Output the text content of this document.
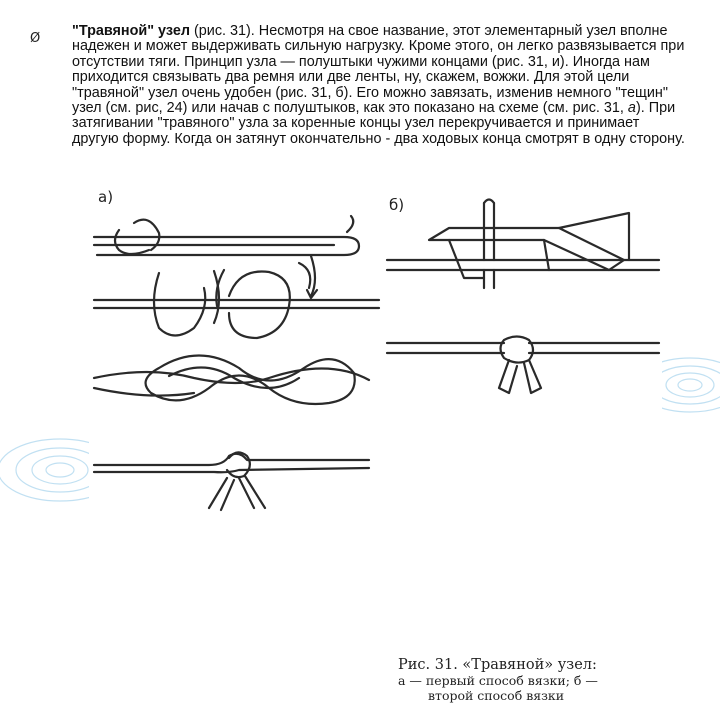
Ø "Травяной" узел (рис. 31). Несмотря на свое название, этот элементарный узел вполне надежен и может выдерживать сильную нагрузку. Кроме этого, он легко развязывается при отсутствии тяги. Принцип узла — полуштыки чужими концами (рис. 31, и). Иногда нам приходится связывать два ремня или две ленты, ну, скажем, вожжи. Для этой цели "травяной" узел очень удобен (рис. 31, б). Его можно завязать, изменив немного "тещин" узел (см. рис, 24) или начав с полуштыков, как это показано на схеме (см. рис. 31, а). При затягивании "травяного" узла за коренные концы узел перекручивается и принимает другую форму. Когда он затянут окончательно - два ходовых конца смотрят в одну сторону.
а)	б)
Рис. 31. «Травяной» узел:
а — первый способ вязки; б —
второй способ вязки
